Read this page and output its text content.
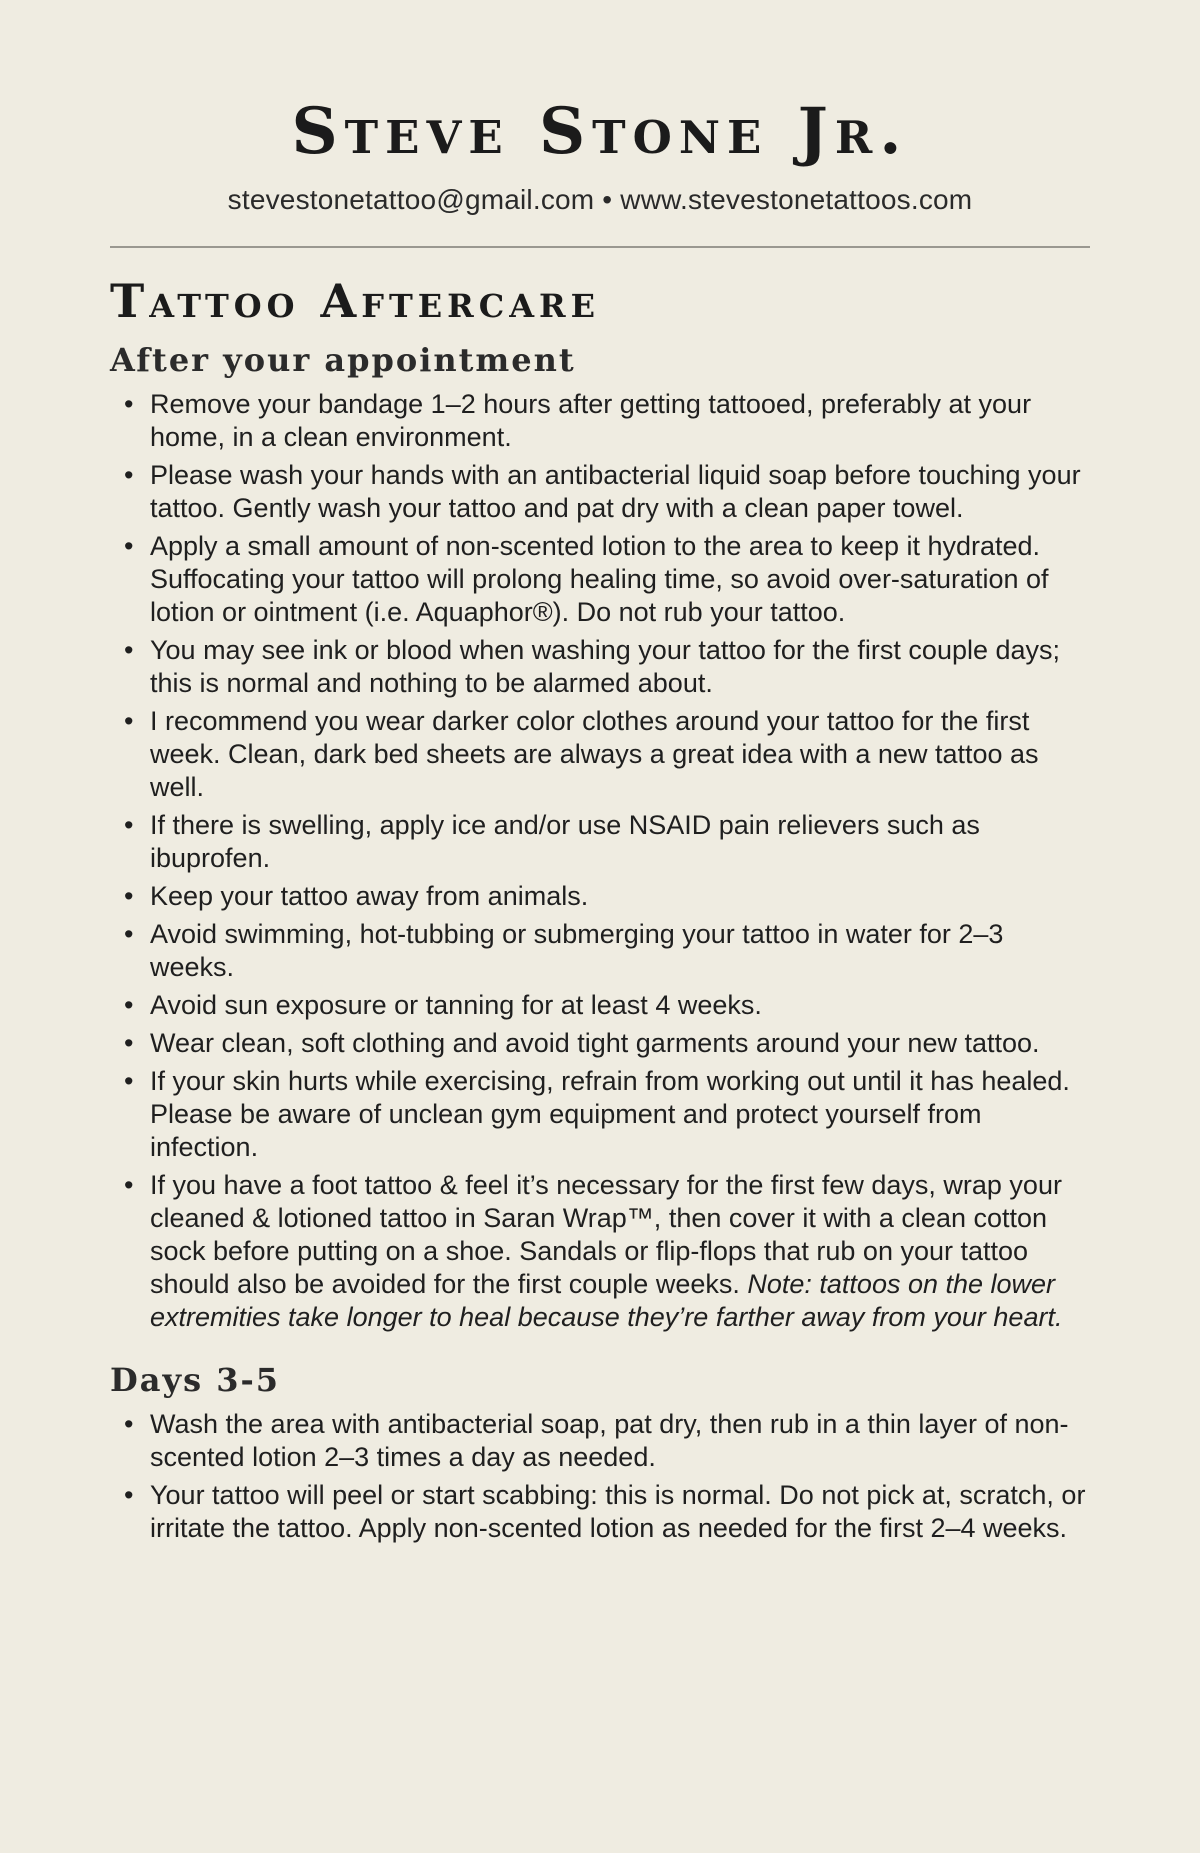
Steve Stone Jr.
stevestonetattoo@gmail.com • www.stevestonetattoos.com
Tattoo Aftercare
After your appointment
• Remove your bandage 1–2 hours after getting tattooed, preferably at your home, in a clean environment.
• Please wash your hands with an antibacterial liquid soap before touching your tattoo. Gently wash your tattoo and pat dry with a clean paper towel.
• Apply a small amount of non-scented lotion to the area to keep it hydrated. Suffocating your tattoo will prolong healing time, so avoid over-saturation of lotion or ointment (i.e. Aquaphor®). Do not rub your tattoo.
• You may see ink or blood when washing your tattoo for the first couple days; this is normal and nothing to be alarmed about.
• I recommend you wear darker color clothes around your tattoo for the first week. Clean, dark bed sheets are always a great idea with a new tattoo as well.
• If there is swelling, apply ice and/or use NSAID pain relievers such as ibuprofen.
• Keep your tattoo away from animals.
• Avoid swimming, hot-tubbing or submerging your tattoo in water for 2–3 weeks.
• Avoid sun exposure or tanning for at least 4 weeks.
• Wear clean, soft clothing and avoid tight garments around your new tattoo.
• If your skin hurts while exercising, refrain from working out until it has healed. Please be aware of unclean gym equipment and protect yourself from infection.
• If you have a foot tattoo & feel it’s necessary for the first few days, wrap your cleaned & lotioned tattoo in Saran Wrap™, then cover it with a clean cotton sock before putting on a shoe. Sandals or flip-flops that rub on your tattoo should also be avoided for the first couple weeks. Note: tattoos on the lower extremities take longer to heal because they’re farther away from your heart.
Days 3-5
• Wash the area with antibacterial soap, pat dry, then rub in a thin layer of non-scented lotion 2–3 times a day as needed.
• Your tattoo will peel or start scabbing: this is normal. Do not pick at, scratch, or irritate the tattoo. Apply non-scented lotion as needed for the first 2–4 weeks.
